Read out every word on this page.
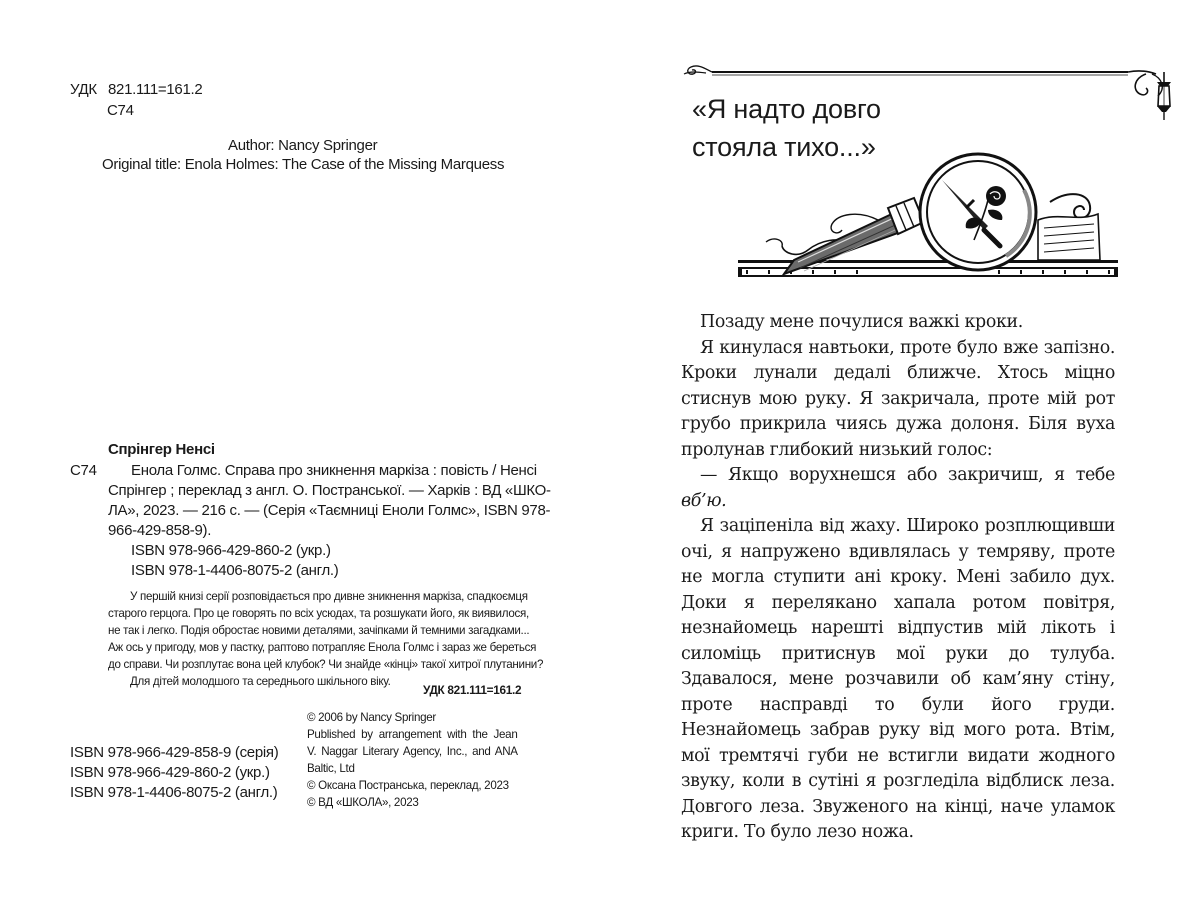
УДК 821.111=161.2
С74
Author: Nancy Springer
Original title: Enola Holmes: The Case of the Missing Marquess
Спрінгер Ненсі
С74 Енола Голмс. Справа про зникнення маркіза : повість / Ненсі
Спрінгер ; переклад з англ. О. Постранської. — Харків : ВД «ШКО-
ЛА», 2023. — 216 с. — (Серія «Таємниці Еноли Голмс», ISBN 978-
966-429-858-9).
ISBN 978-966-429-860-2 (укр.)
ISBN 978-1-4406-8075-2 (англ.)
У першій книзі серії розповідається про дивне зникнення маркіза, спадкоємця
старого герцога. Про це говорять по всіх усюдах, та розшукати його, як виявилося,
не так і легко. Подія обростає новими деталями, зачіпками й темними загадками...
Аж ось у пригоду, мов у пастку, раптово потрапляє Енола Голмс і зараз же береться
до справи. Чи розплутає вона цей клубок? Чи знайде «кінці» такої хитрої плутанини?
Для дітей молодшого та середнього шкільного віку.
УДК 821.111=161.2
ISBN 978-966-429-858-9 (серія)
ISBN 978-966-429-860-2 (укр.)
ISBN 978-1-4406-8075-2 (англ.)
© 2006 by Nancy Springer
Published by arrangement with the Jean
V. Naggar Literary Agency, Inc., and ANA
Baltic, Ltd
© Оксана Постранська, переклад, 2023
© ВД «ШКОЛА», 2023
«Я надто довго
стояла тихо...»

Позаду мене почулися важкі кроки.

Я кинулася навтьоки, проте було вже запізно. Кроки лунали дедалі ближче. Хтось міцно стиснув мою руку. Я закричала, проте мій рот грубо прикрила чиясь дужа долоня. Біля вуха пролунав глибокий низький голос:

— Якщо ворухнешся або закричиш, я тебе вб’ю.

Я заціпеніла від жаху. Широко розплющивши очі, я напружено вдивлялась у темряву, проте не могла ступити ані кроку. Мені забило дух. Доки я перелякано хапала ротом повітря, незнайомець нарешті відпустив мій лікоть і силоміць притиснув мої руки до тулуба. Здавалося, мене розчавили об кам’яну стіну, проте насправді то були його груди. Незнайомець забрав руку від мого рота. Втім, мої тремтячі губи не встигли видати жодного звуку, коли в сутіні я розгледіла відблиск леза. Довгого леза. Звуженого на кінці, наче уламок криги. То було лезо ножа.
